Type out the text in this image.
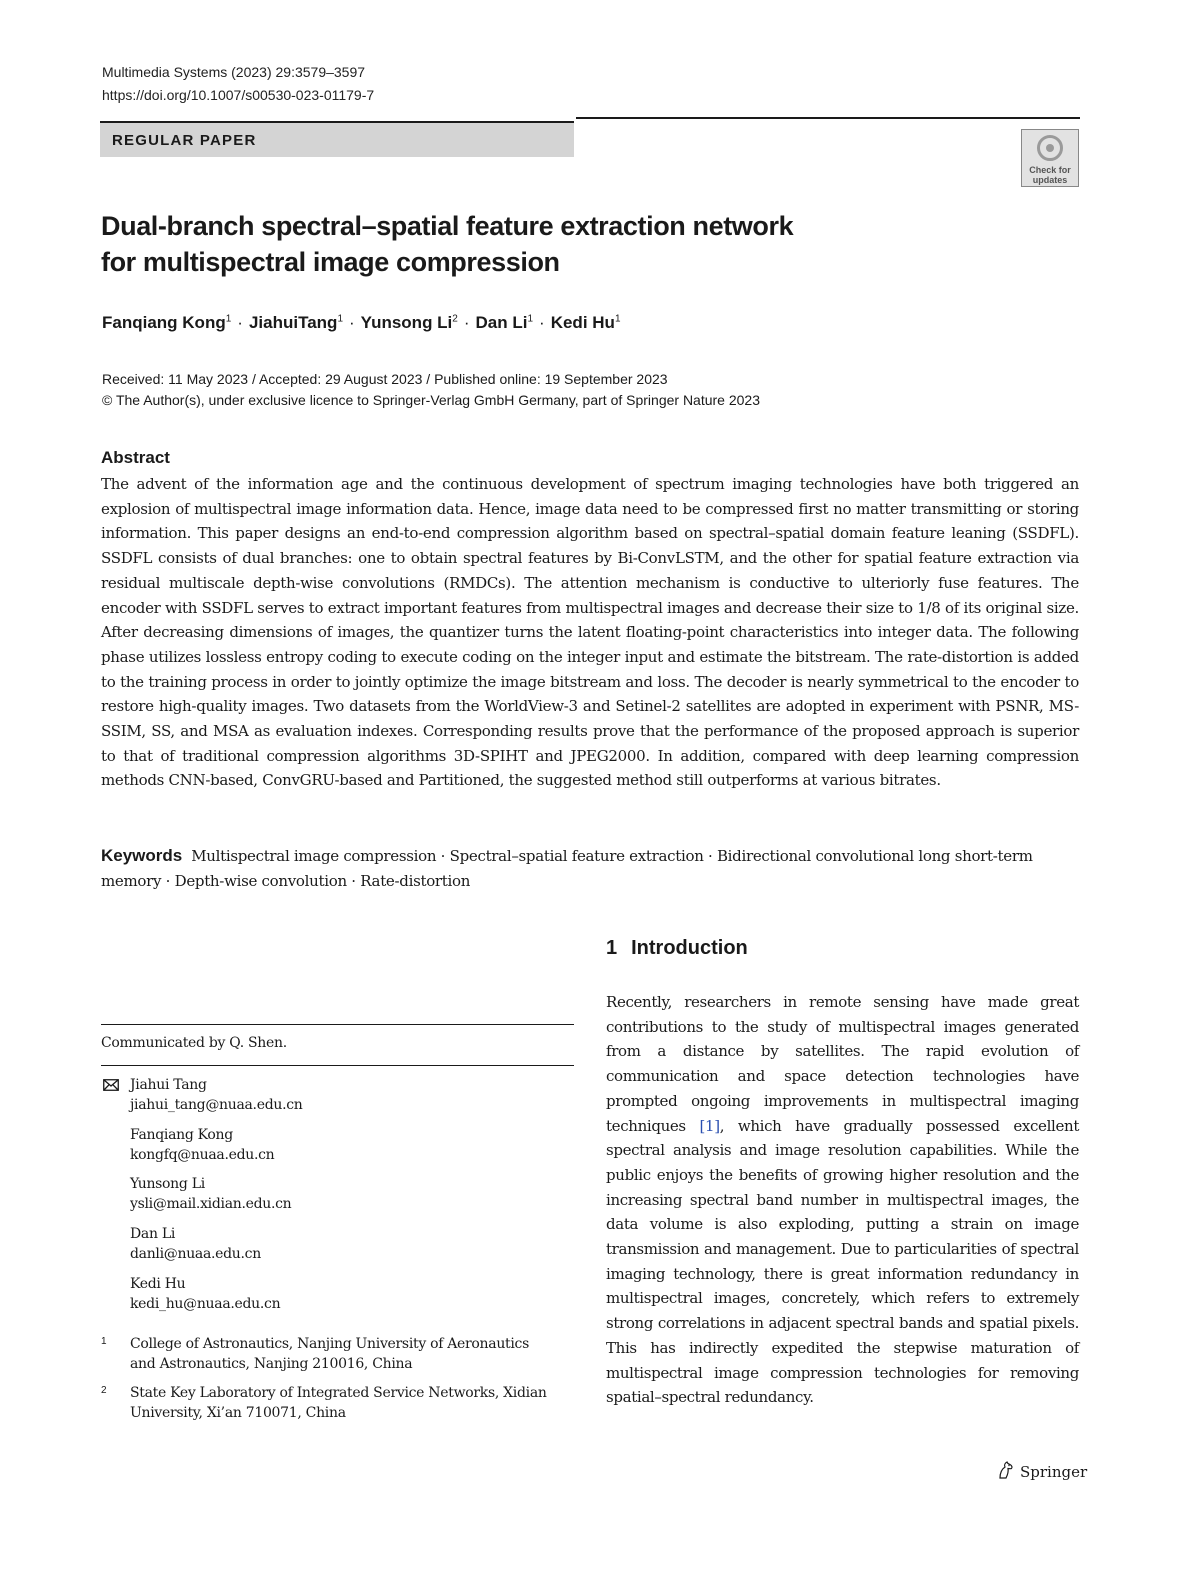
Multimedia Systems (2023) 29:3579–3597
https://doi.org/10.1007/s00530-023-01179-7
REGULAR PAPER
Check for
updates
Dual-branch spectral–spatial feature extraction network
for multispectral image compression
Fanqiang Kong$^1$ · JiahuiTang$^1$ · Yunsong $Li^2$ · Dan $Li^1$ · Kedi Hu$^1$
Received: 11 May 2023 / Accepted: 29 August 2023 / Published online: 19 September 2023
© The Author(s), under exclusive licence to Springer-Verlag GmbH Germany, part of Springer Nature 2023
Abstract

The advent of the information age and the continuous development of spectrum imaging technologies have both triggered an explosion of multispectral image information data. Hence, image data need to be compressed first no matter transmitting or storing information. This paper designs an end-to-end compression algorithm based on spectral–spatial domain feature leaning (SSDFL). SSDFL consists of dual branches: one to obtain spectral features by Bi-ConvLSTM, and the other for spatial feature extraction via residual multiscale depth-wise convolutions (RMDCs). The attention mechanism is conductive to ulteriorly fuse features. The encoder with SSDFL serves to extract important features from multispectral images and decrease their size to 1/8 of its original size. After decreasing dimensions of images, the quantizer turns the latent floating-point characteristics into integer data. The following phase utilizes lossless entropy coding to execute coding on the integer input and estimate the bitstream. The rate-distortion is added to the training process in order to jointly optimize the image bitstream and loss. The decoder is nearly symmetrical to the encoder to restore high-quality images. Two datasets from the WorldView-3 and Setinel-2 satellites are adopted in experiment with PSNR, MS-SSIM, SS, and MSA as evaluation indexes. Corresponding results prove that the performance of the proposed approach is superior to that of traditional compression algorithms 3D-SPIHT and JPEG2000. In addition, compared with deep learning compression methods CNN-based, ConvGRU-based and Partitioned, the suggested method still outperforms at various bitrates.

Keywords Multispectral image compression · Spectral–spatial feature extraction · Bidirectional convolutional long short-term memory · Depth-wise convolution · Rate-distortion

1 Introduction

Recently, researchers in remote sensing have made great contributions to the study of multispectral images generated from a distance by satellites. The rapid evolution of communication and space detection technologies have prompted ongoing improvements in multispectral imaging techniques [1], which have gradually possessed excellent spectral analysis and image resolution capabilities. While the public enjoys the benefits of growing higher resolution and the increasing spectral band number in multispectral images, the data volume is also exploding, putting a strain on image transmission and management. Due to particularities of spectral imaging technology, there is great information redundancy in multispectral images, concretely, which refers to extremely strong correlations in adjacent spectral bands and spatial pixels. This has indirectly expedited the stepwise maturation of multispectral image compression technologies for removing spatial–spectral redundancy.

Communicated by Q. Shen.
Jiahui Tang
jiahui_tang@nuaa.edu.cn
Fanqiang Kong
kongfq@nuaa.edu.cn
Yunsong Li
ysli@mail.xidian.edu.cn
Dan Li
danli@nuaa.edu.cn
Kedi Hu
kedi_hu@nuaa.edu.cn
1 College of Astronautics, Nanjing University of Aeronautics
and Astronautics, Nanjing 210016, China
2 State Key Laboratory of Integrated Service Networks, Xidian
University, Xi’an 710071, China
Springer
